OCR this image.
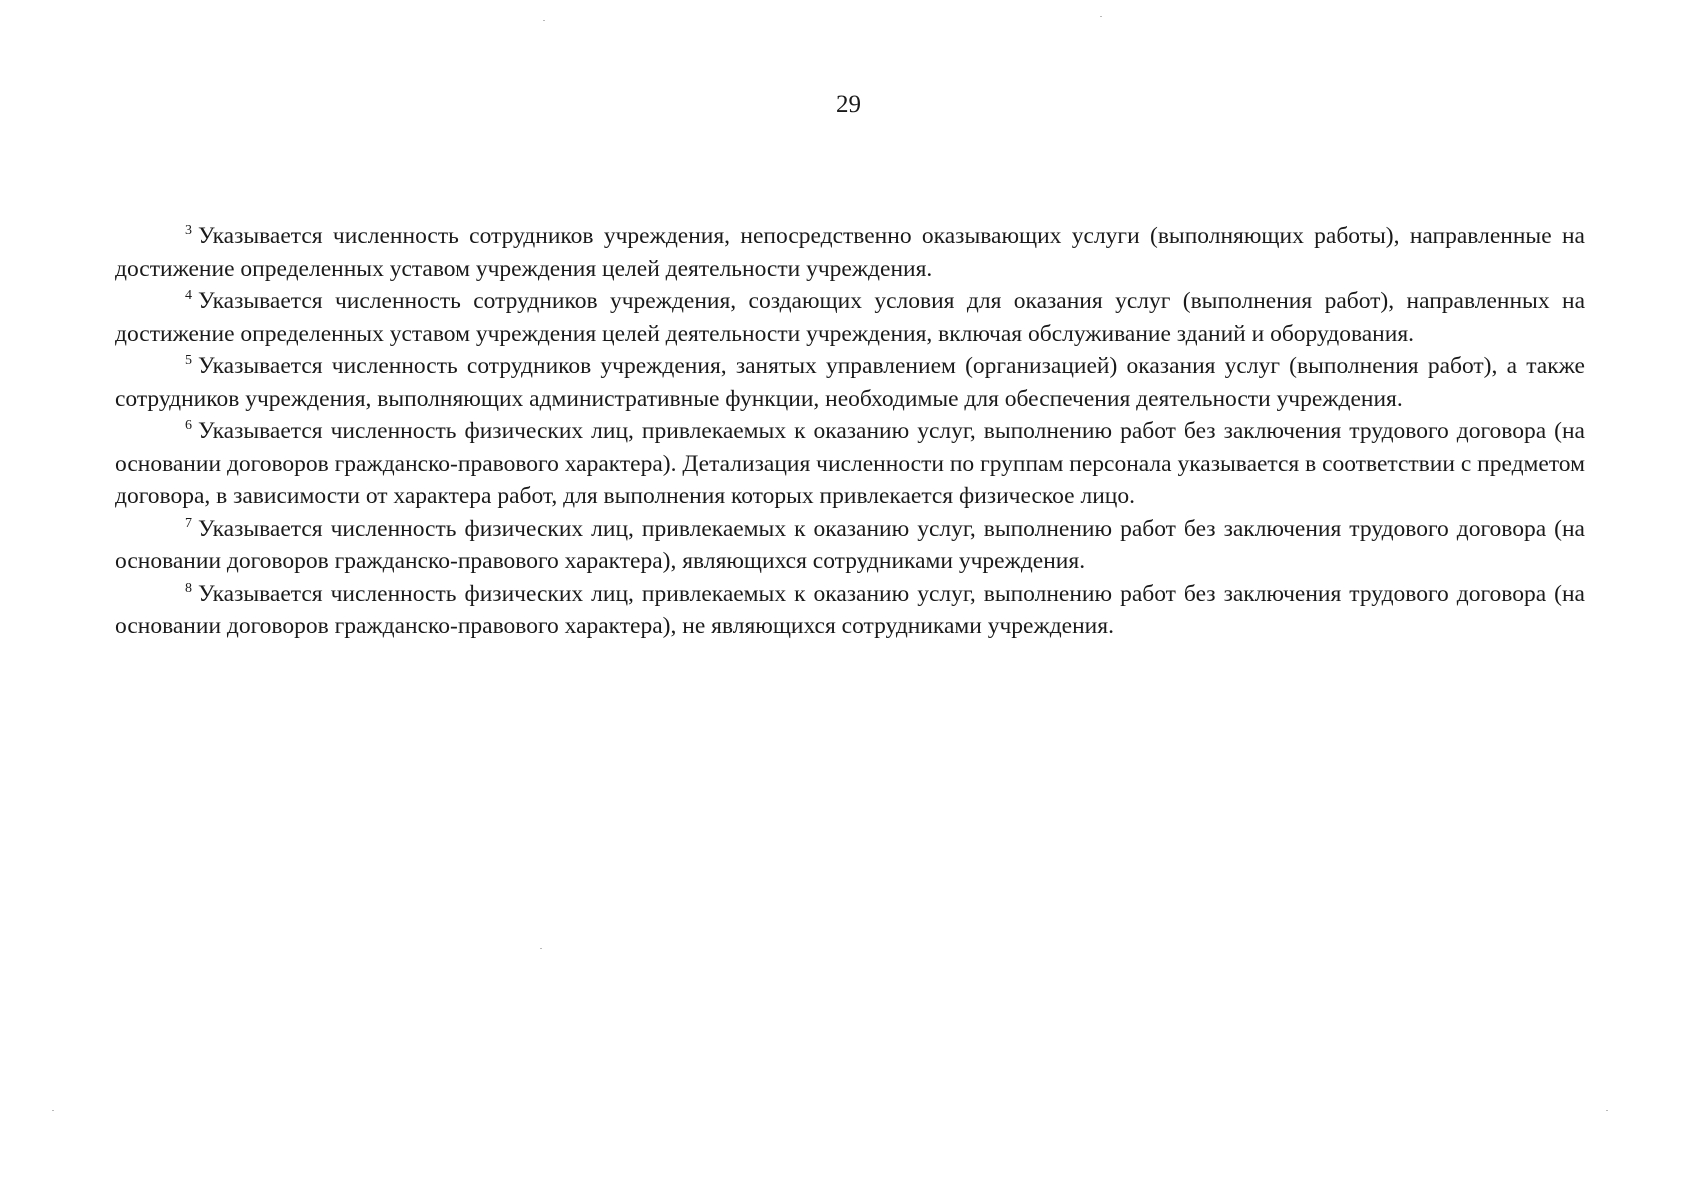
29

$^3$ Указывается численность сотрудников учреждения, непосредственно оказывающих услуги (выполняющих работы), направленные на достижение определенных уставом учреждения целей деятельности учреждения.

$^4$ Указывается численность сотрудников учреждения, создающих условия для оказания услуг (выполнения работ), направленных на достижение определенных уставом учреждения целей деятельности учреждения, включая обслуживание зданий и оборудования.

$^5$ Указывается численность сотрудников учреждения, занятых управлением (организацией) оказания услуг (выполнения работ), а также сотрудников учреждения, выполняющих административные функции, необходимые для обеспечения деятельности учреждения.

$^6$ Указывается численность физических лиц, привлекаемых к оказанию услуг, выполнению работ без заключения трудового договора (на основании договоров гражданско-правового характера). Детализация численности по группам персонала указывается в соответствии с предметом договора, в зависимости от характера работ, для выполнения которых привлекается физическое лицо.

$^7$ Указывается численность физических лиц, привлекаемых к оказанию услуг, выполнению работ без заключения трудового договора (на основании договоров гражданско-правового характера), являющихся сотрудниками учреждения.

$^8$ Указывается численность физических лиц, привлекаемых к оказанию услуг, выполнению работ без заключения трудового договора (на основании договоров гражданско-правового характера), не являющихся сотрудниками учреждения.
